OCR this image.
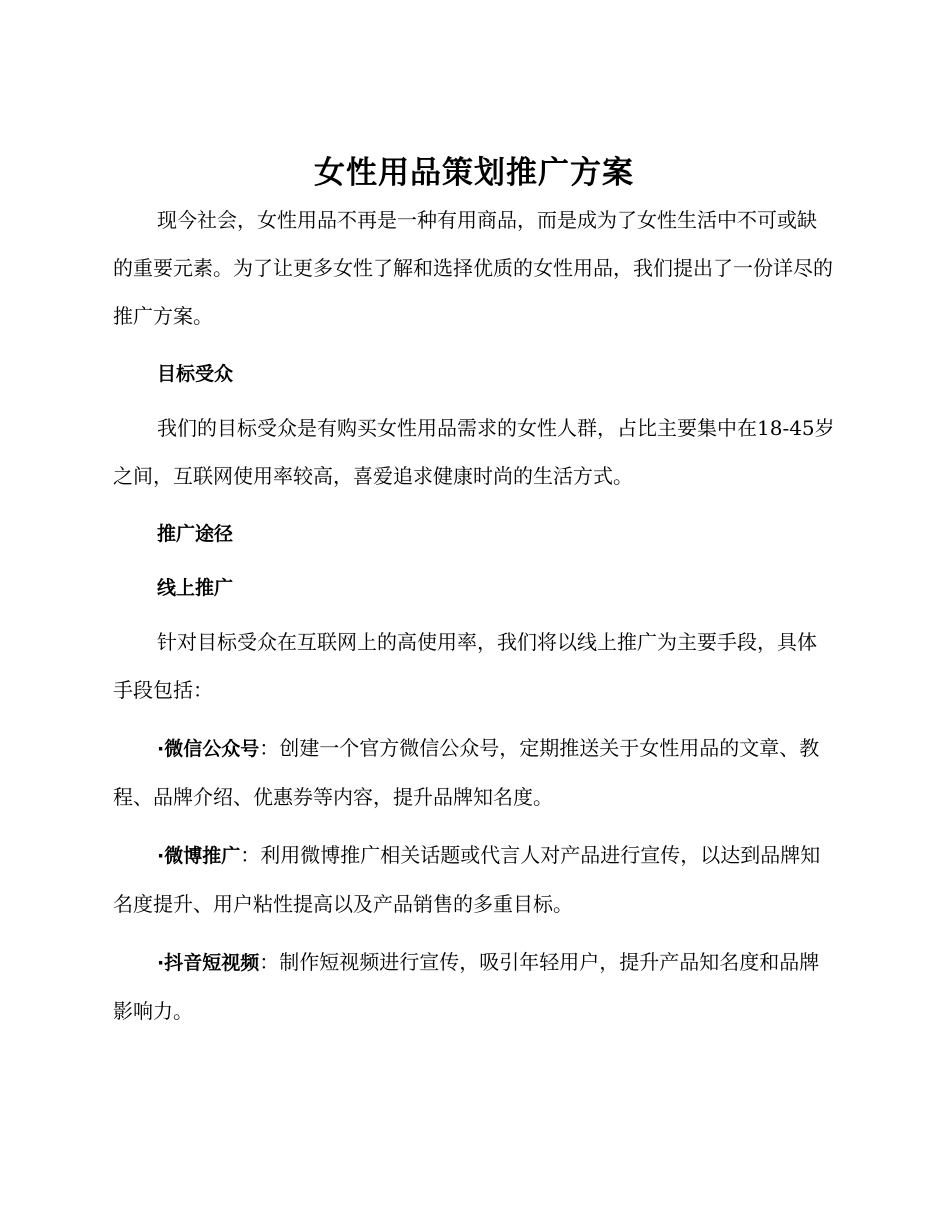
女性用品策划推广方案

现今社会，女性用品不再是一种有用商品，而是成为了女性生活中不可或缺的重要元素。为了让更多女性了解和选择优质的女性用品，我们提出了一份详尽的推广方案。

目标受众

我们的目标受众是有购买女性用品需求的女性人群，占比主要集中在18-45岁之间，互联网使用率较高，喜爱追求健康时尚的生活方式。

推广途径
线上推广

针对目标受众在互联网上的高使用率，我们将以线上推广为主要手段，具体手段包括：

·微信公众号：创建一个官方微信公众号，定期推送关于女性用品的文章、教程、品牌介绍、优惠券等内容，提升品牌知名度。

·微博推广：利用微博推广相关话题或代言人对产品进行宣传，以达到品牌知名度提升、用户粘性提高以及产品销售的多重目标。

·抖音短视频：制作短视频进行宣传，吸引年轻用户，提升产品知名度和品牌影响力。
